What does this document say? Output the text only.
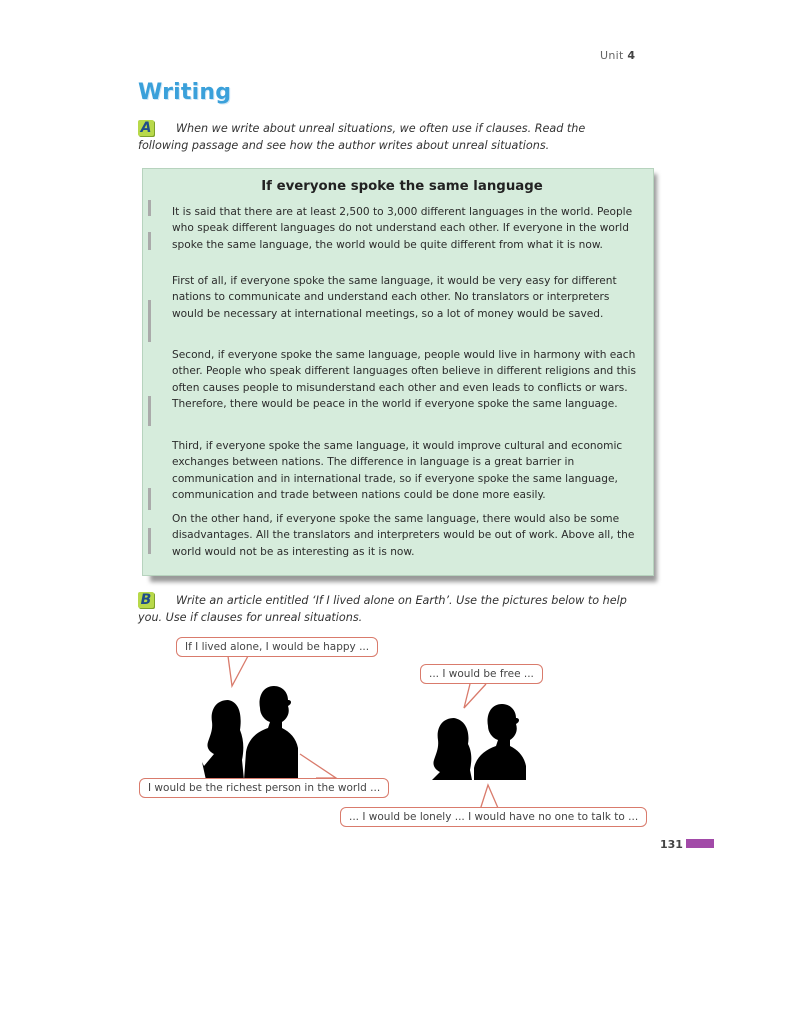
Unit 4
Writing
A When we write about unreal situations, we often use if clauses. Read the following passage and see how the author writes about unreal situations.
If everyone spoke the same language
It is said that there are at least 2,500 to 3,000 different languages in the world. People who speak different languages do not understand each other. If everyone in the world spoke the same language, the world would be quite different from what it is now.
First of all, if everyone spoke the same language, it would be very easy for different nations to communicate and understand each other. No translators or interpreters would be necessary at international meetings, so a lot of money would be saved.
Second, if everyone spoke the same language, people would live in harmony with each other. People who speak different languages often believe in different religions and this often causes people to misunderstand each other and even leads to conflicts or wars. Therefore, there would be peace in the world if everyone spoke the same language.
Third, if everyone spoke the same language, it would improve cultural and economic exchanges between nations. The difference in language is a great barrier in communication and in international trade, so if everyone spoke the same language, communication and trade between nations could be done more easily.
On the other hand, if everyone spoke the same language, there would also be some disadvantages. All the translators and interpreters would be out of work. Above all, the world would not be as interesting as it is now.
B Write an article entitled ‘If I lived alone on Earth’. Use the pictures below to help you. Use if clauses for unreal situations.
If I lived alone, I would be happy ...
... I would be free ...
I would be the richest person in the world ...
... I would be lonely ... I would have no one to talk to ...
131
